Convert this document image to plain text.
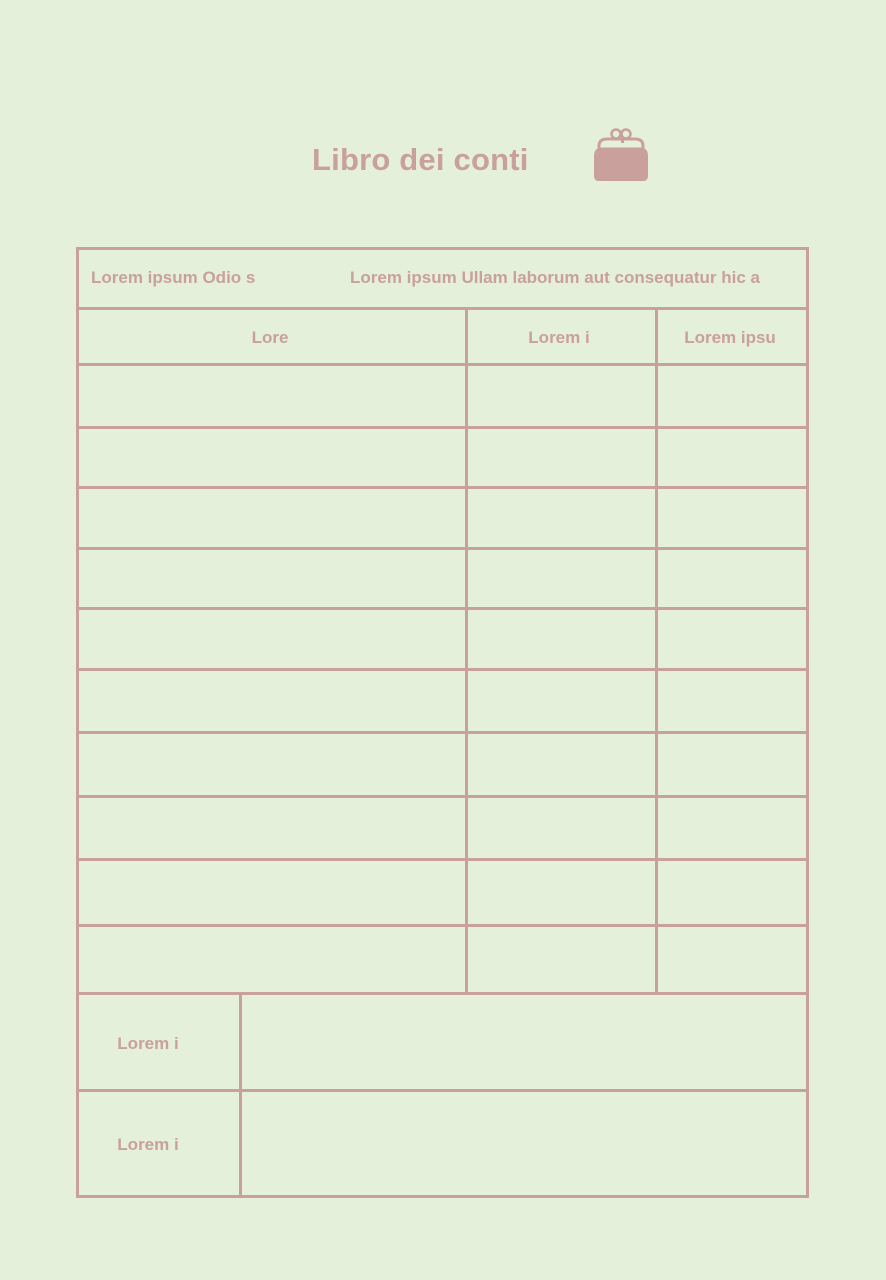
Libro dei conti
Lorem ipsum Odio s	Lorem ipsum Ullam laborum aut consequatur hic a
Lore	Lorem i	Lorem ipsu
Lorem i
Lorem i
